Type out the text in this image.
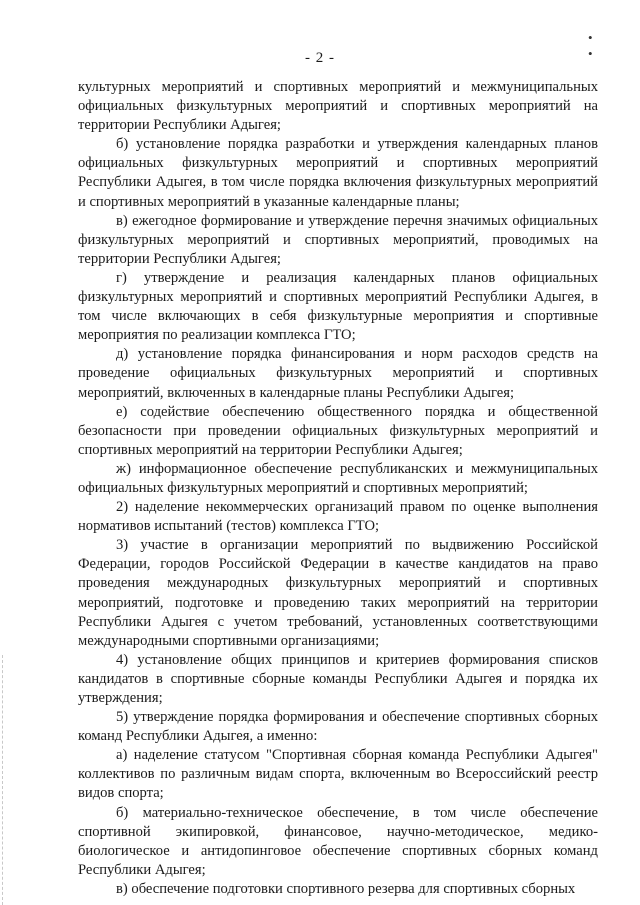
• •
- 2 -

культурных мероприятий и спортивных мероприятий и межмуниципальных официальных физкультурных мероприятий и спортивных мероприятий на территории Республики Адыгея;

б) установление порядка разработки и утверждения календарных планов официальных физкультурных мероприятий и спортивных мероприятий Республики Адыгея, в том числе порядка включения физкультурных мероприятий и спортивных мероприятий в указанные календарные планы;

в) ежегодное формирование и утверждение перечня значимых официальных физкультурных мероприятий и спортивных мероприятий, проводимых на территории Республики Адыгея;

г) утверждение и реализация календарных планов официальных физкультурных мероприятий и спортивных мероприятий Республики Адыгея, в том числе включающих в себя физкультурные мероприятия и спортивные мероприятия по реализации комплекса ГТО;

д) установление порядка финансирования и норм расходов средств на проведение официальных физкультурных мероприятий и спортивных мероприятий, включенных в календарные планы Республики Адыгея;

е) содействие обеспечению общественного порядка и общественной безопасности при проведении официальных физкультурных мероприятий и спортивных мероприятий на территории Республики Адыгея;

ж) информационное обеспечение республиканских и межмуниципальных официальных физкультурных мероприятий и спортивных мероприятий;

2) наделение некоммерческих организаций правом по оценке выполнения нормативов испытаний (тестов) комплекса ГТО;

3) участие в организации мероприятий по выдвижению Российской Федерации, городов Российской Федерации в качестве кандидатов на право проведения международных физкультурных мероприятий и спортивных мероприятий, подготовке и проведению таких мероприятий на территории Республики Адыгея с учетом требований, установленных соответствующими международными спортивными организациями;

4) установление общих принципов и критериев формирования списков кандидатов в спортивные сборные команды Республики Адыгея и порядка их утверждения;

5) утверждение порядка формирования и обеспечение спортивных сборных команд Республики Адыгея, а именно:

а) наделение статусом "Спортивная сборная команда Республики Адыгея" коллективов по различным видам спорта, включенным во Всероссийский реестр видов спорта;

б) материально-техническое обеспечение, в том числе обеспечение спортивной экипировкой, финансовое, научно-методическое, медико-биологическое и антидопинговое обеспечение спортивных сборных команд Республики Адыгея;

в) обеспечение подготовки спортивного резерва для спортивных сборных
